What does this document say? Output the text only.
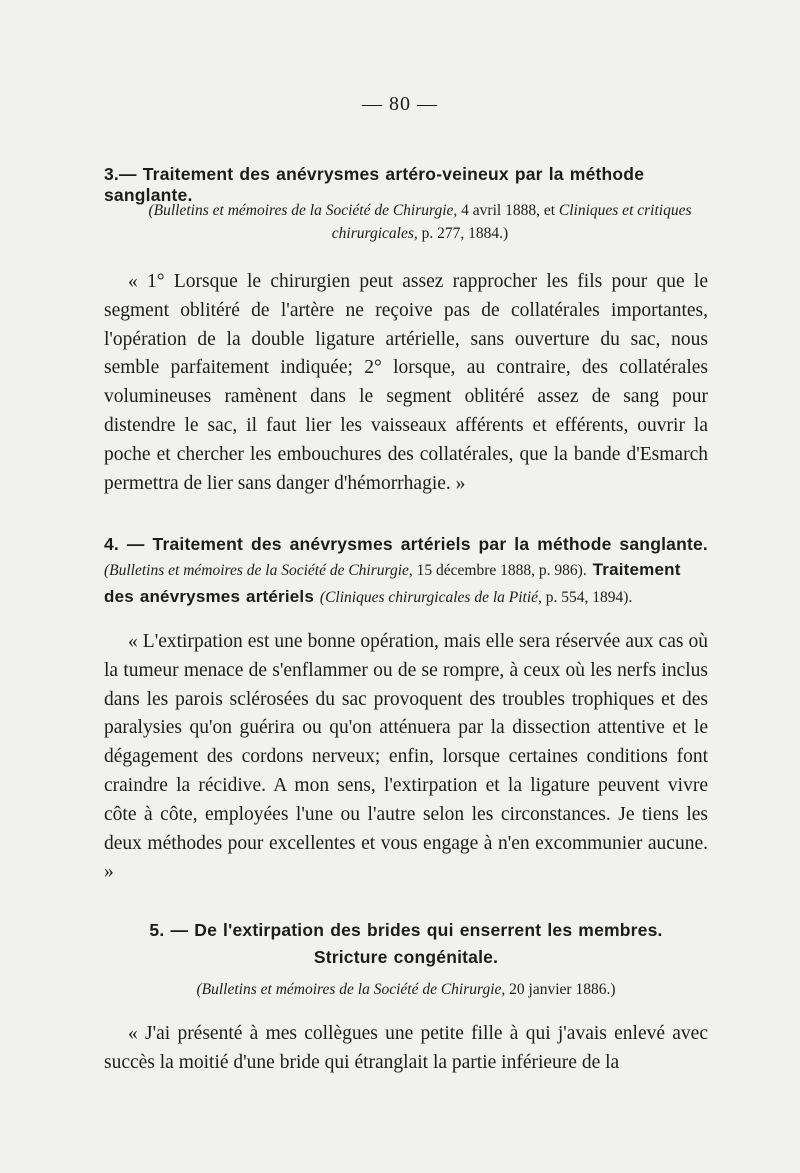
— 80 —
3.— Traitement des anévrysmes artéro-veineux par la méthode sanglante.
(Bulletins et mémoires de la Société de Chirurgie, 4 avril 1888, et Cliniques et critiques chirurgicales, p. 277, 1884.)

« 1° Lorsque le chirurgien peut assez rapprocher les fils pour que le segment oblitéré de l'artère ne reçoive pas de collatérales importantes, l'opération de la double ligature artérielle, sans ouverture du sac, nous semble parfaitement indiquée; 2° lorsque, au contraire, des collatérales volumineuses ramènent dans le segment oblitéré assez de sang pour distendre le sac, il faut lier les vaisseaux afférents et efférents, ouvrir la poche et chercher les embouchures des collatérales, que la bande d'Esmarch permettra de lier sans danger d'hémorrhagie. »

4. — Traitement des anévrysmes artériels par la méthode sanglante.
(Bulletins et mémoires de la Société de Chirurgie, 15 décembre 1888, p. 986). Traitement des anévrysmes artériels (Cliniques chirurgicales de la Pitié, p. 554, 1894).

« L'extirpation est une bonne opération, mais elle sera réservée aux cas où la tumeur menace de s'enflammer ou de se rompre, à ceux où les nerfs inclus dans les parois sclérosées du sac provoquent des troubles trophiques et des paralysies qu'on guérira ou qu'on atténuera par la dissection attentive et le dégagement des cordons nerveux; enfin, lorsque certaines conditions font craindre la récidive. A mon sens, l'extirpation et la ligature peuvent vivre côte à côte, employées l'une ou l'autre selon les circonstances. Je tiens les deux méthodes pour excellentes et vous engage à n'en excommunier aucune. »

5. — De l'extirpation des brides qui enserrent les membres.
Stricture congénitale.
(Bulletins et mémoires de la Société de Chirurgie, 20 janvier 1886.)

« J'ai présenté à mes collègues une petite fille à qui j'avais enlevé avec succès la moitié d'une bride qui étranglait la partie inférieure de la
